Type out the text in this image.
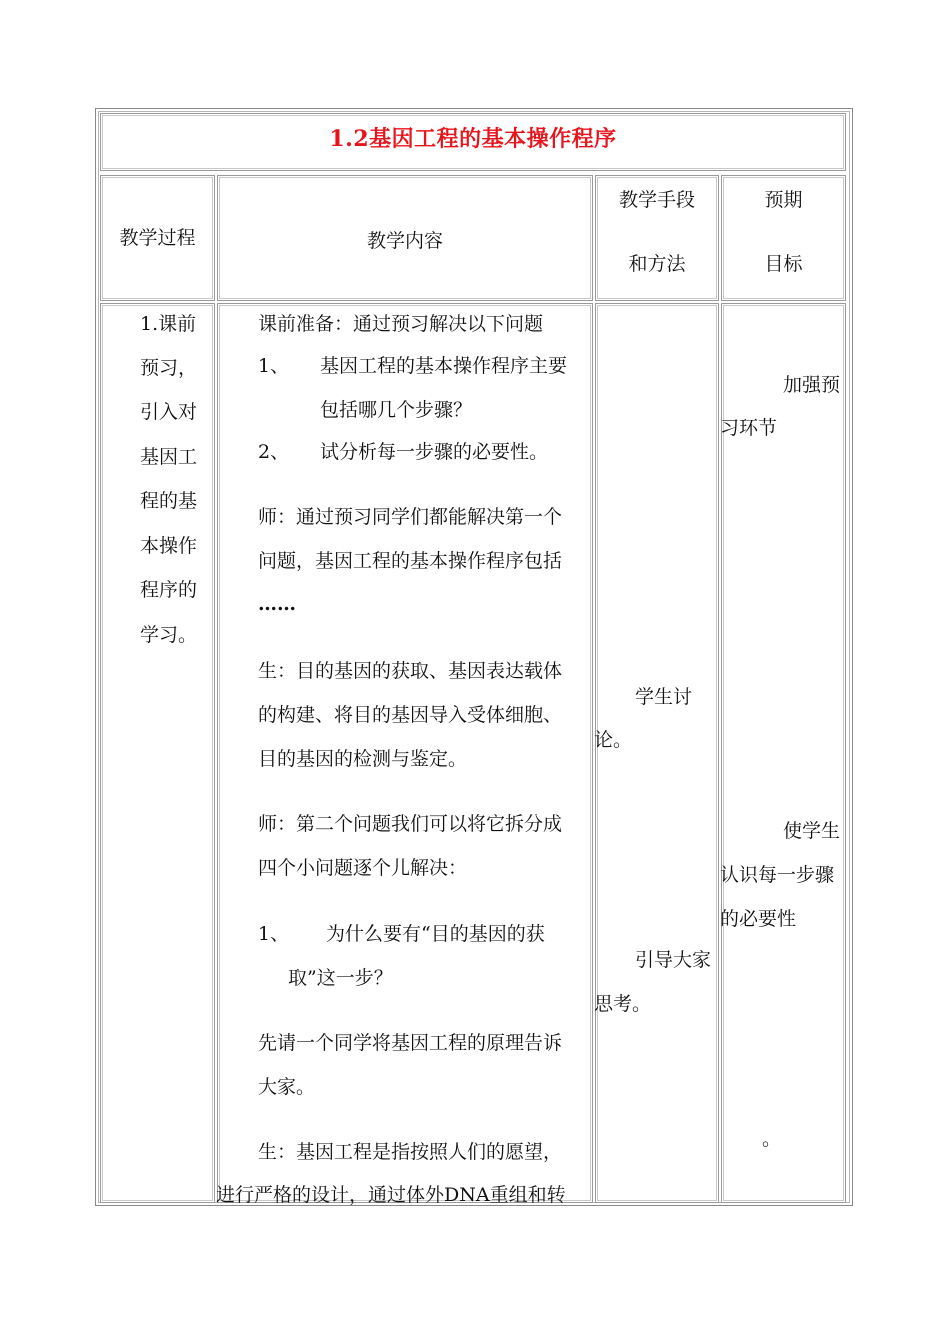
1.2基因工程的基本操作程序
教学过程	教学内容
教学手段
和方法
预期
目标
1.课前
预习，
引入对
基因工
程的基
本操作
程序的
学习。
课前准备：通过预习解决以下问题
1、 基因工程的基本操作程序主要
包括哪几个步骤？
2、 试分析每一步骤的必要性。
师：通过预习同学们都能解决第一个
问题，基因工程的基本操作程序包括
……
生：目的基因的获取、基因表达载体
的构建、将目的基因导入受体细胞、
目的基因的检测与鉴定。
师：第二个问题我们可以将它拆分成
四个小问题逐个儿解决：
1、 为什么要有“目的基因的获
取”这一步？
先请一个同学将基因工程的原理告诉
大家。
生：基因工程是指按照人们的愿望，
进行严格的设计，通过体外DNA重组和转
学生讨
论。
引导大家
思考。
加强预
习环节
使学生
认识每一步骤
的必要性
。
